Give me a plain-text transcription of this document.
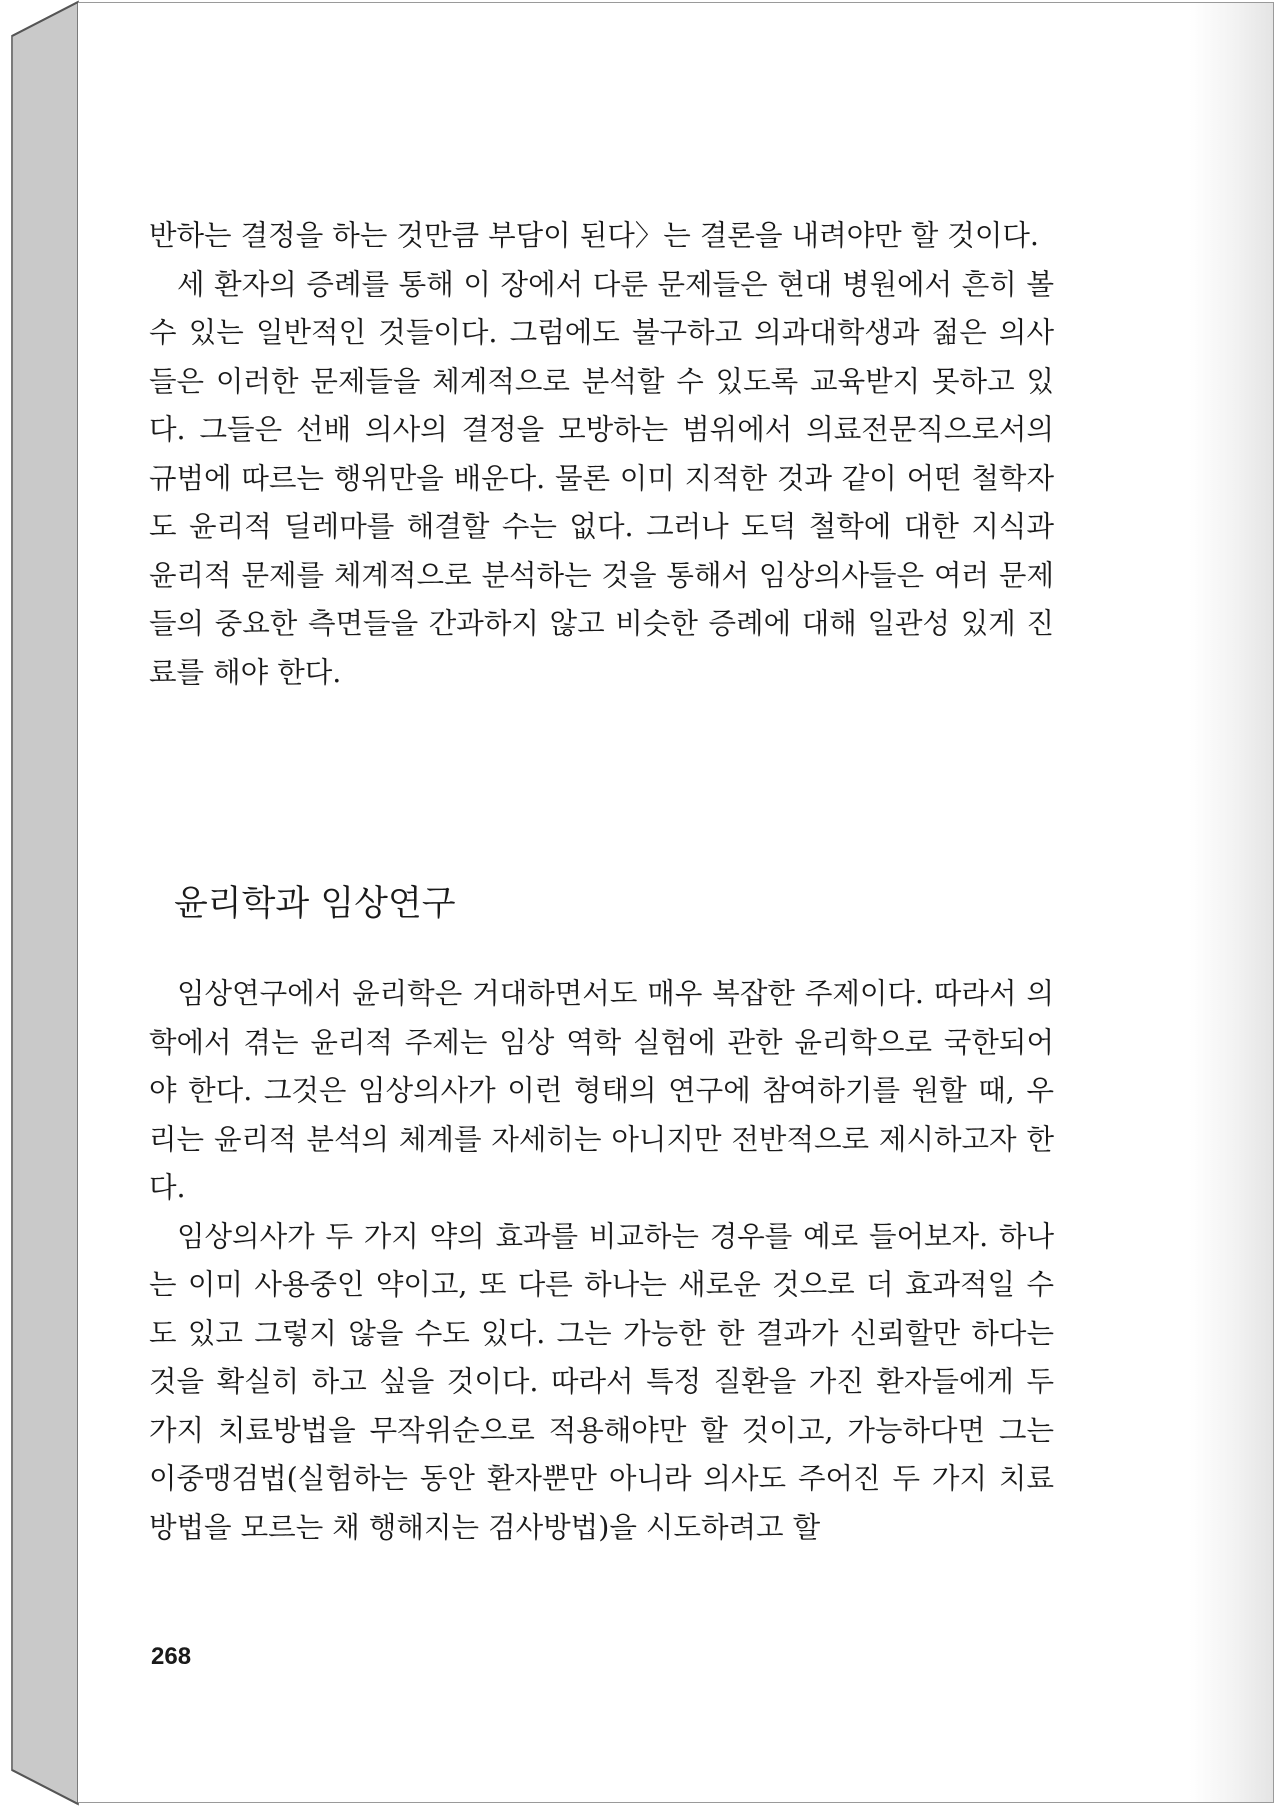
반하는 결정을 하는 것만큼 부담이 된다〉는 결론을 내려야만 할 것이다.

세 환자의 증례를 통해 이 장에서 다룬 문제들은 현대 병원에서 흔히 볼 수 있는 일반적인 것들이다. 그럼에도 불구하고 의과대학생과 젊은 의사들은 이러한 문제들을 체계적으로 분석할 수 있도록 교육받지 못하고 있다. 그들은 선배 의사의 결정을 모방하는 범위에서 의료전문직으로서의 규범에 따르는 행위만을 배운다. 물론 이미 지적한 것과 같이 어떤 철학자도 윤리적 딜레마를 해결할 수는 없다. 그러나 도덕 철학에 대한 지식과 윤리적 문제를 체계적으로 분석하는 것을 통해서 임상의사들은 여러 문제들의 중요한 측면들을 간과하지 않고 비슷한 증례에 대해 일관성 있게 진료를 해야 한다.

윤리학과 임상연구

임상연구에서 윤리학은 거대하면서도 매우 복잡한 주제이다. 따라서 의학에서 겪는 윤리적 주제는 임상 역학 실험에 관한 윤리학으로 국한되어야 한다. 그것은 임상의사가 이런 형태의 연구에 참여하기를 원할 때, 우리는 윤리적 분석의 체계를 자세히는 아니지만 전반적으로 제시하고자 한다.

임상의사가 두 가지 약의 효과를 비교하는 경우를 예로 들어보자. 하나는 이미 사용중인 약이고, 또 다른 하나는 새로운 것으로 더 효과적일 수도 있고 그렇지 않을 수도 있다. 그는 가능한 한 결과가 신뢰할만 하다는 것을 확실히 하고 싶을 것이다. 따라서 특정 질환을 가진 환자들에게 두 가지 치료방법을 무작위순으로 적용해야만 할 것이고, 가능하다면 그는 이중맹검법(실험하는 동안 환자뿐만 아니라 의사도 주어진 두 가지 치료방법을 모르는 채 행해지는 검사방법)을 시도하려고 할

268
